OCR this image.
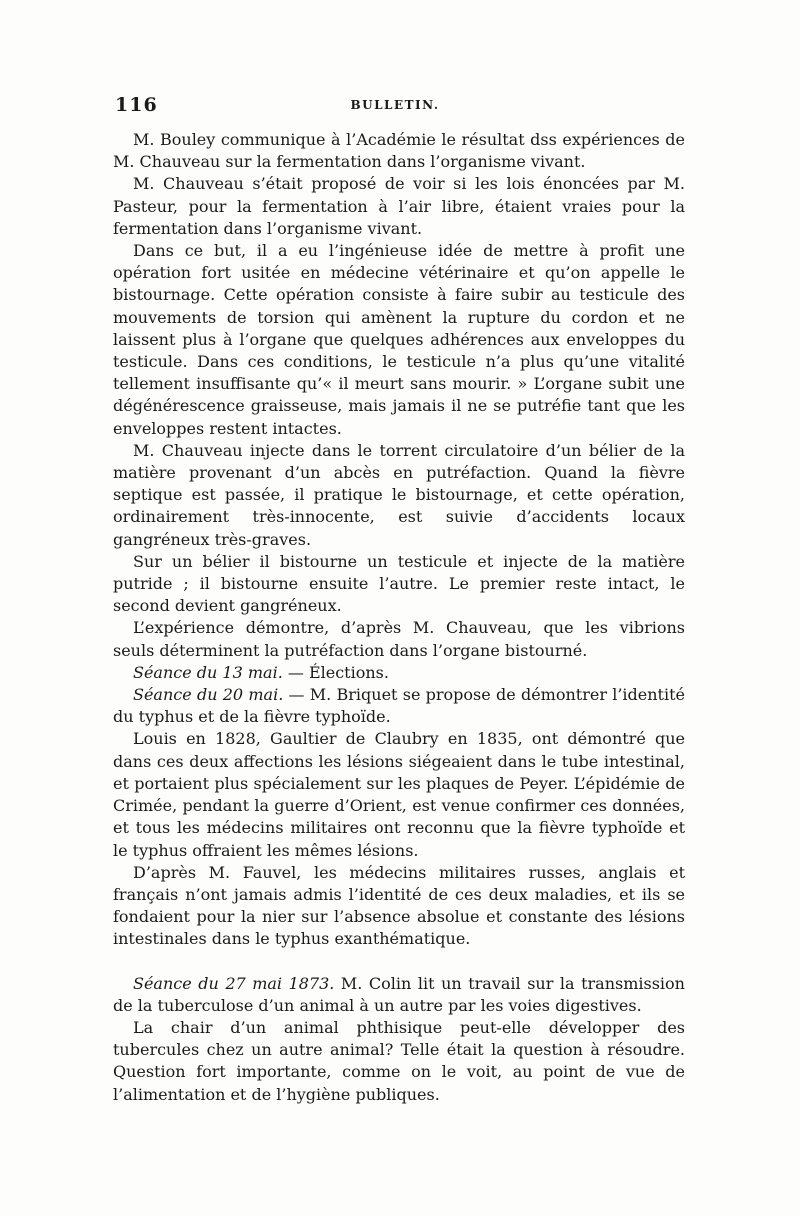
116	BULLETIN.

M. Bouley communique à l’Académie le résultat dss expériences de M. Chauveau sur la fermentation dans l’organisme vivant.

M. Chauveau s’était proposé de voir si les lois énoncées par M. Pasteur, pour la fermentation à l’air libre, étaient vraies pour la fermentation dans l’organisme vivant.

Dans ce but, il a eu l’ingénieuse idée de mettre à profit une opération fort usitée en médecine vétérinaire et qu’on appelle le bistournage. Cette opération consiste à faire subir au testicule des mouvements de torsion qui amènent la rupture du cordon et ne laissent plus à l’organe que quelques adhérences aux enveloppes du testicule. Dans ces conditions, le testicule n’a plus qu’une vitalité tellement insuffisante qu’« il meurt sans mourir. » L’organe subit une dégénérescence graisseuse, mais jamais il ne se putréfie tant que les enveloppes restent intactes.

M. Chauveau injecte dans le torrent circulatoire d’un bélier de la matière provenant d’un abcès en putréfaction. Quand la fièvre septique est passée, il pratique le bistournage, et cette opération, ordinairement très-innocente, est suivie d’accidents locaux gangréneux très-graves.

Sur un bélier il bistourne un testicule et injecte de la matière putride ; il bistourne ensuite l’autre. Le premier reste intact, le second devient gangréneux.

L’expérience démontre, d’après M. Chauveau, que les vibrions seuls déterminent la putréfaction dans l’organe bistourné.

Séance du 13 mai. — Élections.

Séance du 20 mai. — M. Briquet se propose de démontrer l’identité du typhus et de la fièvre typhoïde.

Louis en 1828, Gaultier de Claubry en 1835, ont démontré que dans ces deux affections les lésions siégeaient dans le tube intestinal, et portaient plus spécialement sur les plaques de Peyer. L’épidémie de Crimée, pendant la guerre d’Orient, est venue confirmer ces données, et tous les médecins militaires ont reconnu que la fièvre typhoïde et le typhus offraient les mêmes lésions.

D’après M. Fauvel, les médecins militaires russes, anglais et français n’ont jamais admis l’identité de ces deux maladies, et ils se fondaient pour la nier sur l’absence absolue et constante des lésions intestinales dans le typhus exanthématique.

Séance du 27 mai 1873. M. Colin lit un travail sur la transmission de la tuberculose d’un animal à un autre par les voies digestives.

La chair d’un animal phthisique peut-elle développer des tubercules chez un autre animal? Telle était la question à résoudre. Question fort importante, comme on le voit, au point de vue de l’alimentation et de l’hygiène publiques.
